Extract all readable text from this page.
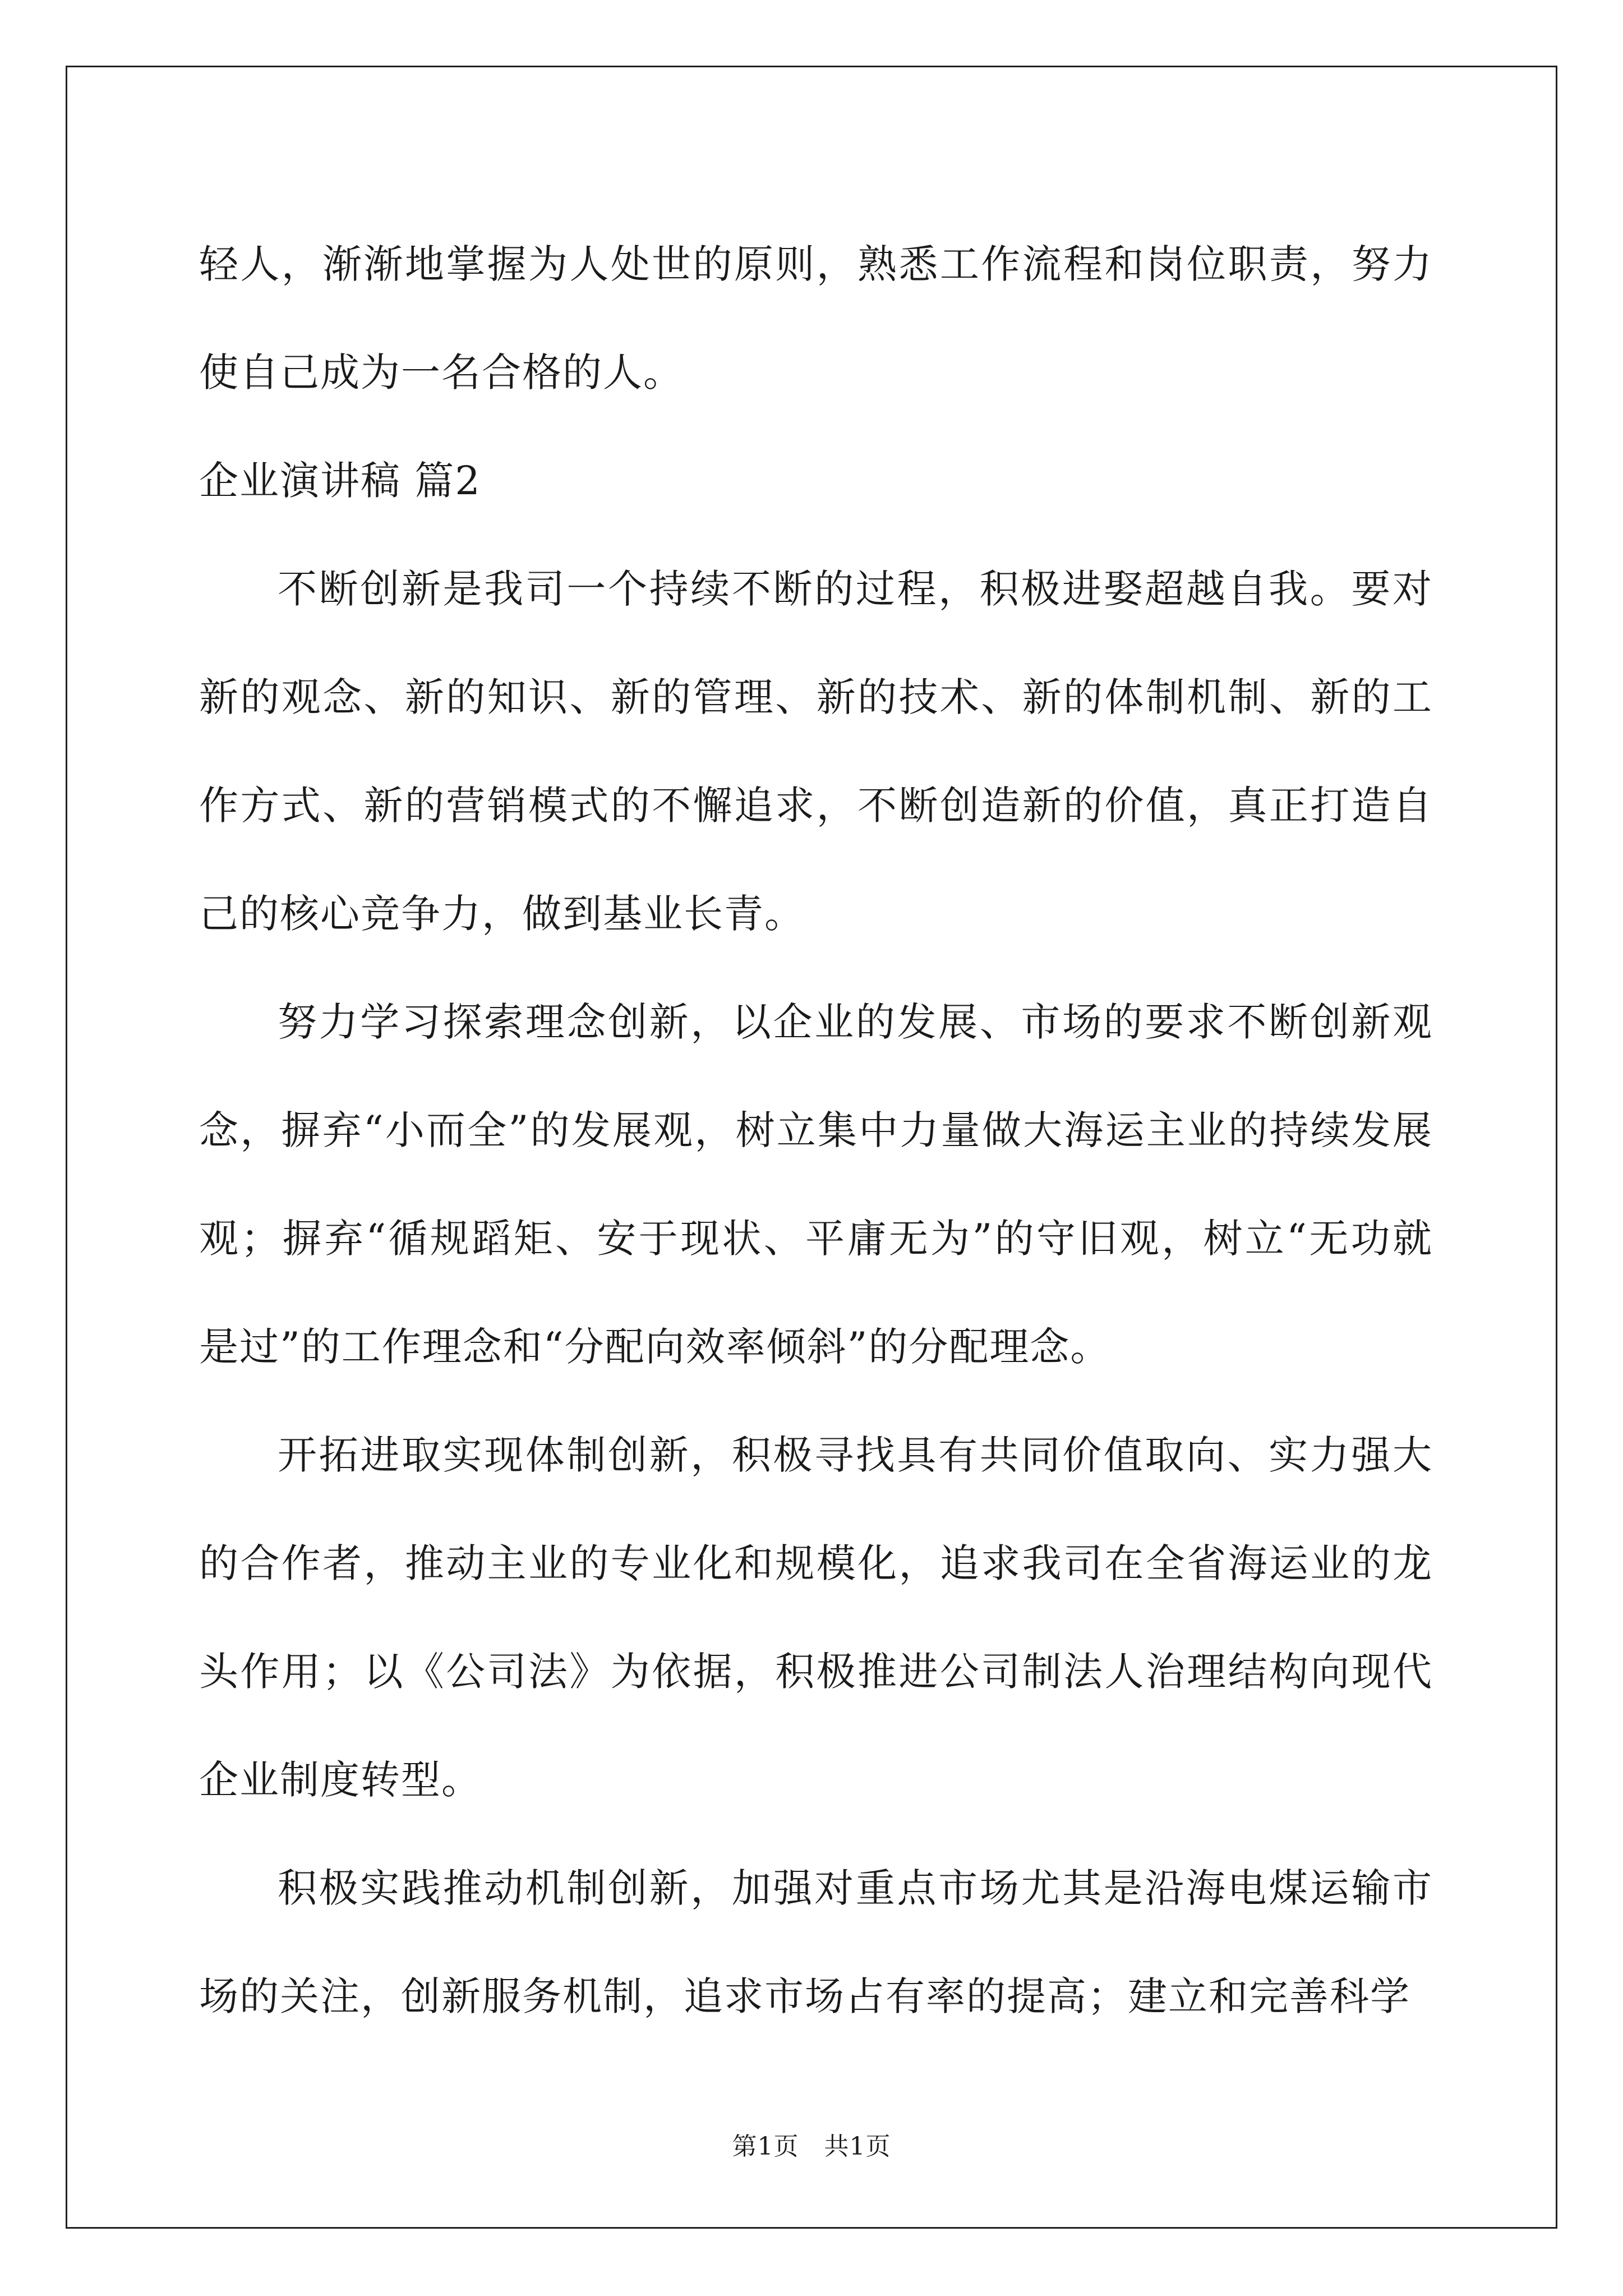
轻人，渐渐地掌握为人处世的原则，熟悉工作流程和岗位职责，努力使自己成为一名合格的人。

企业演讲稿 篇2

不断创新是我司一个持续不断的过程，积极进娶超越自我。要对新的观念、新的知识、新的管理、新的技术、新的体制机制、新的工作方式、新的营销模式的不懈追求，不断创造新的价值，真正打造自己的核心竞争力，做到基业长青。

努力学习探索理念创新，以企业的发展、市场的要求不断创新观念，摒弃“小而全”的发展观，树立集中力量做大海运主业的持续发展观；摒弃“循规蹈矩、安于现状、平庸无为”的守旧观，树立“无功就是过”的工作理念和“分配向效率倾斜”的分配理念。

开拓进取实现体制创新，积极寻找具有共同价值取向、实力强大的合作者，推动主业的专业化和规模化，追求我司在全省海运业的龙头作用；以《公司法》为依据，积极推进公司制法人治理结构向现代企业制度转型。

积极实践推动机制创新，加强对重点市场尤其是沿海电煤运输市场的关注，创新服务机制，追求市场占有率的提高；建立和完善科学

第1页 共1页
